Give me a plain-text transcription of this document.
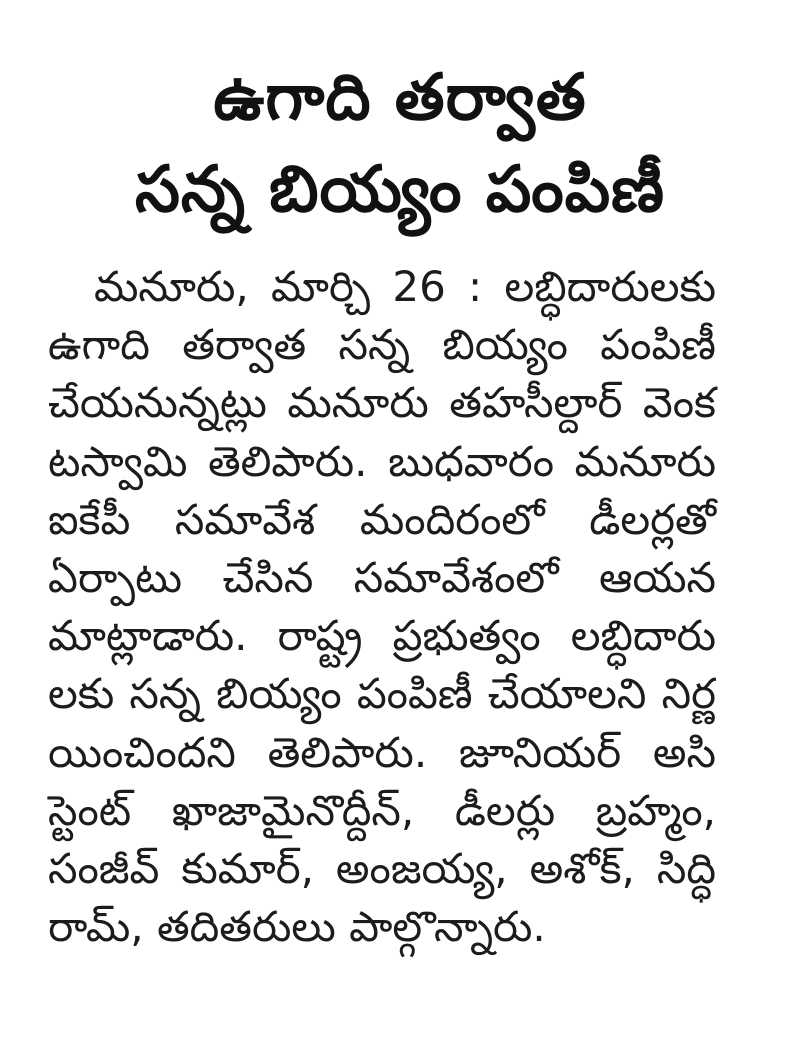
ఉగాది తర్వాత
సన్న బియ్యం పంపిణీ
మనూరు, మార్చి 26 : లబ్ధిదారులకు
ఉగాది తర్వాత సన్న బియ్యం పంపిణీ
చేయనున్నట్లు మనూరు తహసీల్దార్ వెంక
టస్వామి తెలిపారు. బుధవారం మనూరు
ఐకేపీ సమావేశ మందిరంలో డీలర్లతో
ఏర్పాటు చేసిన సమావేశంలో ఆయన
మాట్లాడారు. రాష్ట్ర ప్రభుత్వం లబ్ధిదారు
లకు సన్న బియ్యం పంపిణీ చేయాలని నిర్ణ
యించిందని తెలిపారు. జూనియర్ అసి
స్టెంట్ ఖాజామైనొద్దీన్, డీలర్లు బ్రహ్మం,
సంజీవ్ కుమార్, అంజయ్య, అశోక్, సిద్ధి
రామ్, తదితరులు పాల్గొన్నారు.
